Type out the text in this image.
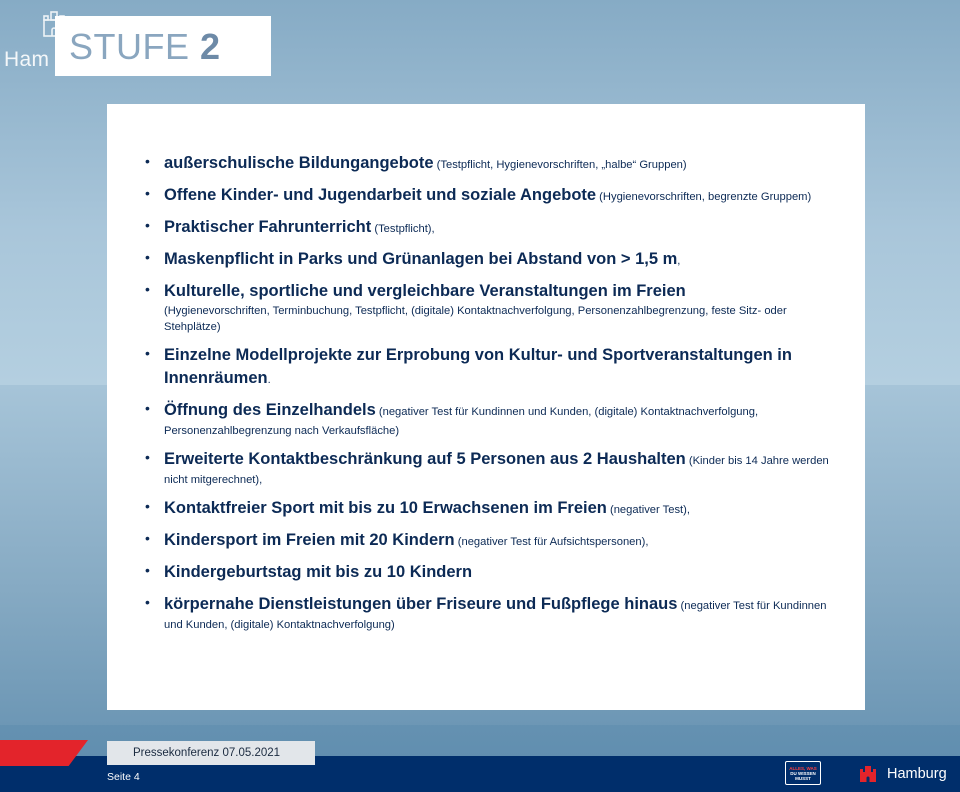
Ham STUFE 2
• außerschulische Bildungangebote (Testpflicht, Hygienevorschriften, „halbe“ Gruppen)
• Offene Kinder- und Jugendarbeit und soziale Angebote (Hygienevorschriften, begrenzte Gruppem)
• Praktischer Fahrunterricht (Testpflicht),
• Maskenpflicht in Parks und Grünanlagen bei Abstand von > 1,5 m,
• Kulturelle, sportliche und vergleichbare Veranstaltungen im Freien
(Hygienevorschriften, Terminbuchung, Testpflicht, (digitale) Kontaktnachverfolgung, Personenzahlbegrenzung, feste Sitz- oder Stehplätze)
• Einzelne Modellprojekte zur Erprobung von Kultur- und Sportveranstaltungen in Innenräumen.
• Öffnung des Einzelhandels (negativer Test für Kundinnen und Kunden, (digitale) Kontaktnachverfolgung, Personenzahlbegrenzung nach Verkaufsfläche)
• Erweiterte Kontaktbeschränkung auf 5 Personen aus 2 Haushalten (Kinder bis 14 Jahre werden nicht mitgerechnet),
• Kontaktfreier Sport mit bis zu 10 Erwachsenen im Freien (negativer Test),
• Kindersport im Freien mit 20 Kindern (negativer Test für Aufsichtspersonen),
• Kindergeburtstag mit bis zu 10 Kindern
• körpernahe Dienstleistungen über Friseure und Fußpflege hinaus (negativer Test für Kundinnen und Kunden, (digitale) Kontaktnachverfolgung)
Pressekonferenz 07.05.2021
Seite 4
ALLES, WAS
DU WISSEN
MUSST	Hamburg
